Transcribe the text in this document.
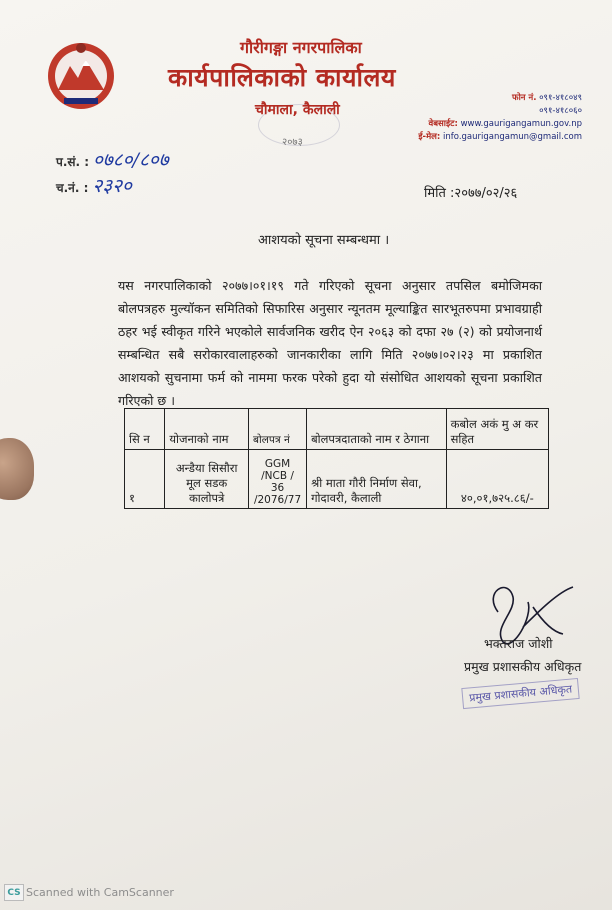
गौरीगङ्गा नगरपालिका
कार्यपालिकाको कार्यालय
चौमाला, कैलाली
२०७३
फोन नं. ०९१-४१८०४९
०९१-४१८०६०
वेबसाईट: www.gaurigangamun.gov.np
ई-मेल: info.gaurigangamun@gmail.com
प.सं. : ०७८०/८०७
च.नं. : २३२०	मिति :२०७७/०२/२६
आशयको सूचना सम्बन्धमा ।
यस नगरपालिकाको २०७७।०१।१९ गते गरिएको सूचना अनुसार तपसिल बमोजिमका बोलपत्रहरु मुल्यॉकन समितिको सिफारिस अनुसार न्यूनतम मूल्याङ्कित सारभूतरुपमा प्रभावग्राही ठहर भई स्वीकृत गरिने भएकोले सार्वजनिक खरीद ऐन २०६३ को दफा २७ (२) को प्रयोजनार्थ सम्बन्धित सबै सरोकारवालाहरुको जानकारीका लागि मिति २०७७।०२।२३ मा प्रकाशित आशयको सुचनामा फर्म को नाममा फरक परेको हुदा यो संसोधित आशयको सूचना प्रकाशित गरिएको छ ।
सि न	योजनाको नाम	बोलपत्र नं	बोलपत्रदाताको नाम र ठेगाना	कबोल अकं मु अ कर सहित
१	अन्डैया सिसौरा मूल सडक कालोपत्रे	GGM /NCB / 36 /2076/77	श्री माता गौरी निर्माण सेवा, गोदावरी, कैलाली	४०,०१,७२५.८६/-
भक्तराज जोशी
प्रमुख प्रशासकीय अधिकृत
प्रमुख प्रशासकीय अधिकृत
CS Scanned with CamScanner
